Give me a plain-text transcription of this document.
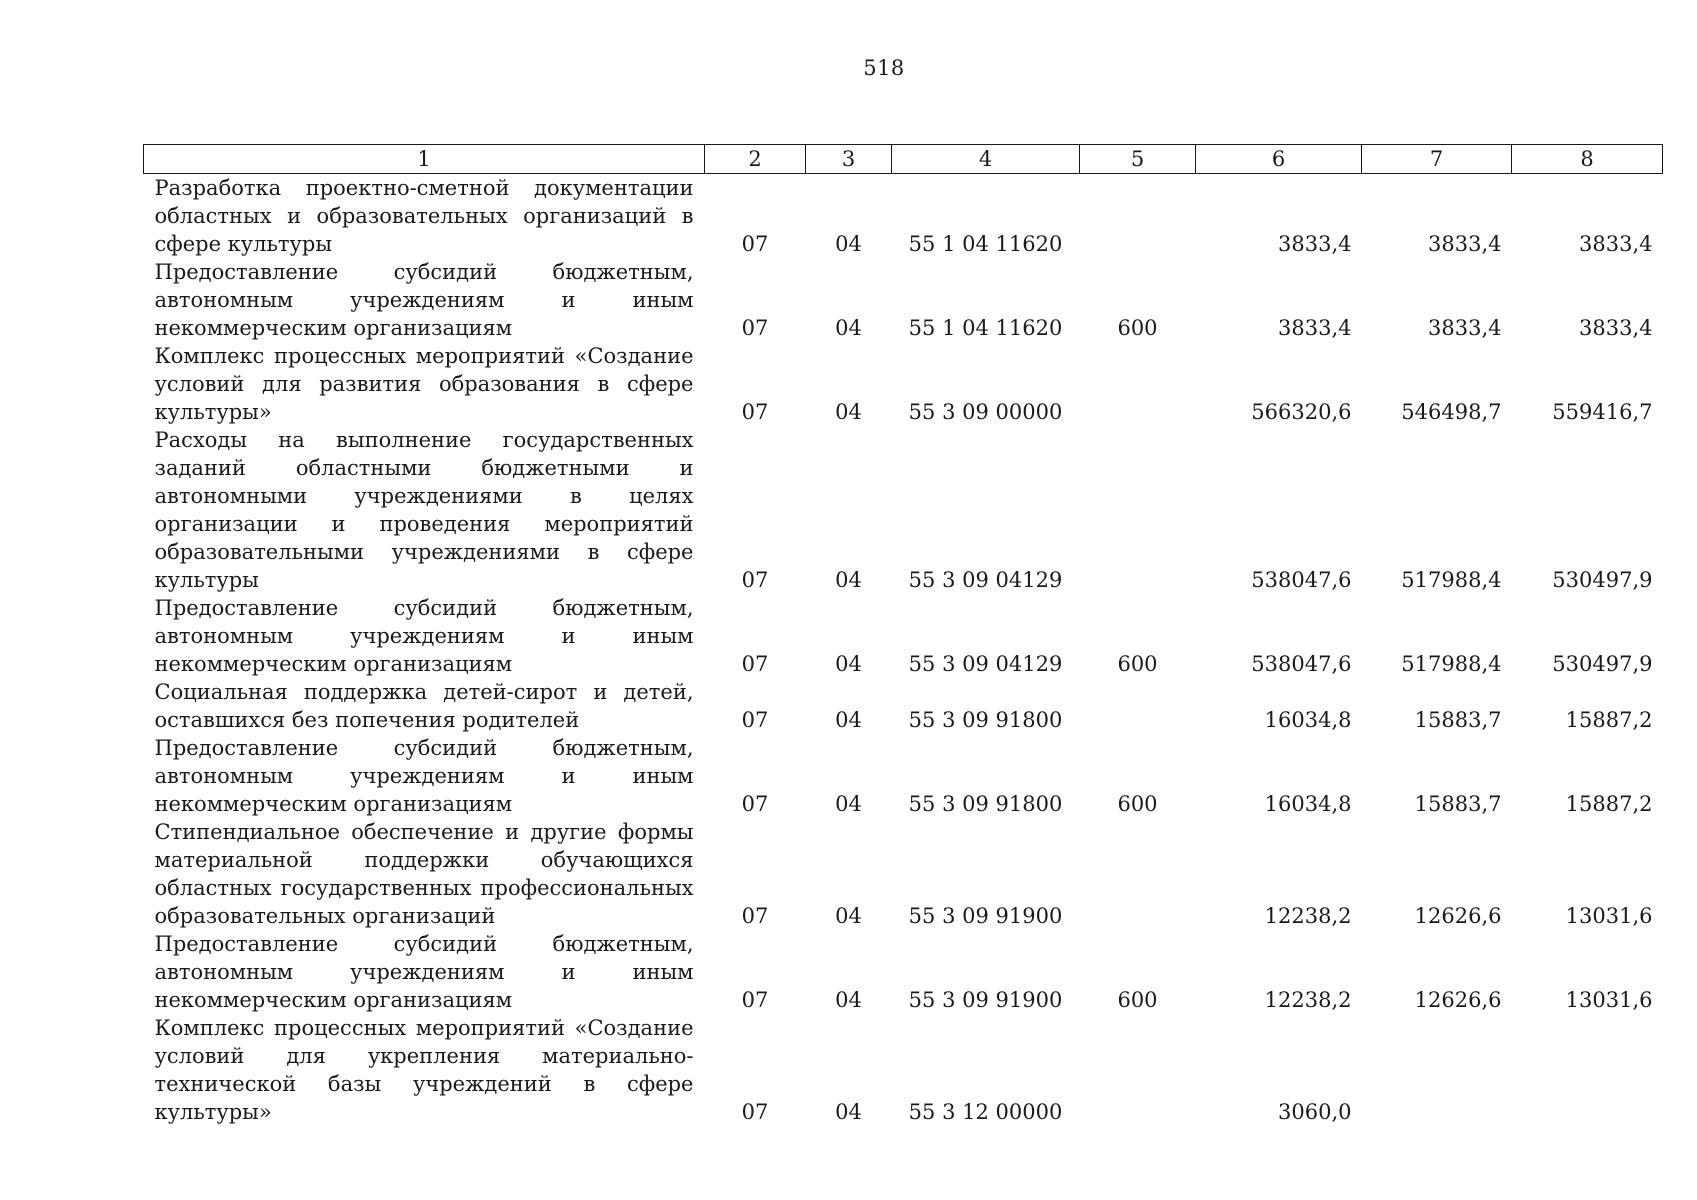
518
1	2	3	4	5	6	7	8
Разработка проектно-сметной документации областных и образовательных организаций в сфере культуры	07	04	55 1 04 11620		3833,4	3833,4	3833,4
Предоставление субсидий бюджетным, автономным учреждениям и иным некоммерческим организациям	07	04	55 1 04 11620	600	3833,4	3833,4	3833,4
Комплекс процессных мероприятий «Создание условий для развития образования в сфере культуры»	07	04	55 3 09 00000		566320,6	546498,7	559416,7
Расходы на выполнение государственных заданий областными бюджетными и автономными учреждениями в целях организации и проведения мероприятий образовательными учреждениями в сфере культуры	07	04	55 3 09 04129		538047,6	517988,4	530497,9
Предоставление субсидий бюджетным, автономным учреждениям и иным некоммерческим организациям	07	04	55 3 09 04129	600	538047,6	517988,4	530497,9
Социальная поддержка детей-сирот и детей, оставшихся без попечения родителей	07	04	55 3 09 91800		16034,8	15883,7	15887,2
Предоставление субсидий бюджетным, автономным учреждениям и иным некоммерческим организациям	07	04	55 3 09 91800	600	16034,8	15883,7	15887,2
Стипендиальное обеспечение и другие формы материальной поддержки обучающихся областных государственных профессиональных образовательных организаций	07	04	55 3 09 91900		12238,2	12626,6	13031,6
Предоставление субсидий бюджетным, автономным учреждениям и иным некоммерческим организациям	07	04	55 3 09 91900	600	12238,2	12626,6	13031,6
Комплекс процессных мероприятий «Создание условий для укрепления материально-технической базы учреждений в сфере культуры»	07	04	55 3 12 00000		3060,0		
